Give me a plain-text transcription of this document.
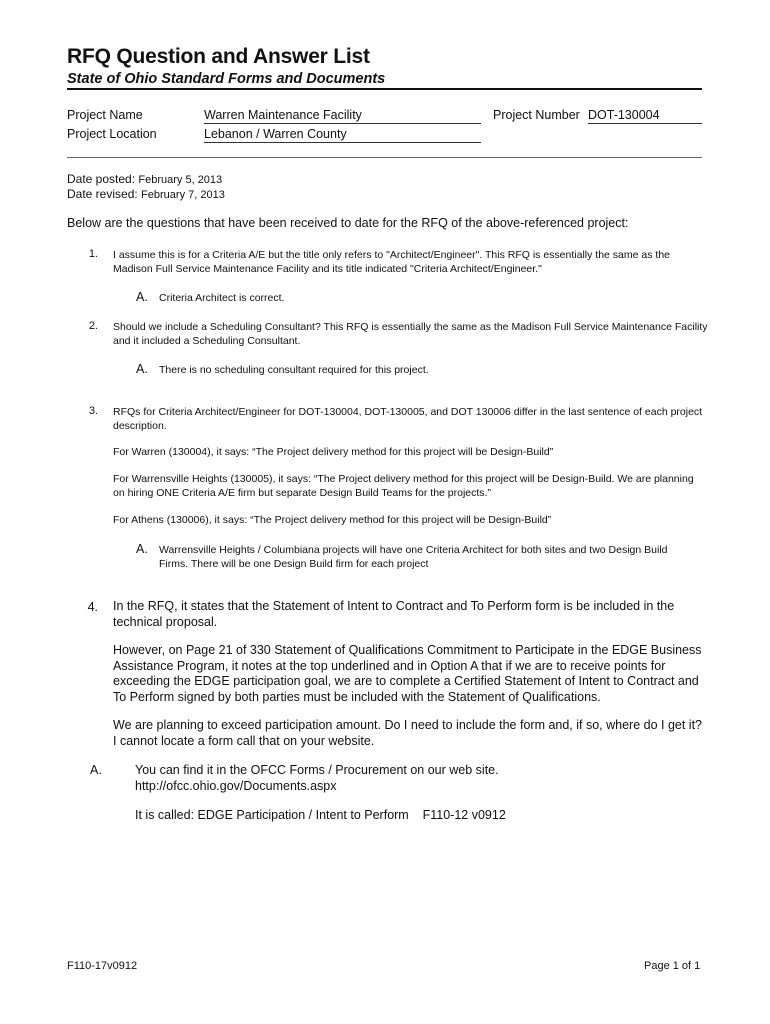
RFQ Question and Answer List
State of Ohio Standard Forms and Documents
Project Name	Warren Maintenance Facility
Project Location	Lebanon / Warren County
Project Number DOT-130004
Date posted: February 5, 2013
Date revised: February 7, 2013
Below are the questions that have been received to date for the RFQ of the above-referenced project:
1. I assume this is for a Criteria A/E but the title only refers to "Architect/Engineer". This RFQ is essentially the same as the Madison Full Service Maintenance Facility and its title indicated "Criteria Architect/Engineer."
A. Criteria Architect is correct.
2. Should we include a Scheduling Consultant? This RFQ is essentially the same as the Madison Full Service Maintenance Facility and it included a Scheduling Consultant.
A. There is no scheduling consultant required for this project.
3. RFQs for Criteria Architect/Engineer for DOT-130004, DOT-130005, and DOT 130006 differ in the last sentence of each project description.
For Warren (130004), it says: “The Project delivery method for this project will be Design-Build”
For Warrensville Heights (130005), it says: “The Project delivery method for this project will be Design-Build. We are planning on hiring ONE Criteria A/E firm but separate Design Build Teams for the projects.”
For Athens (130006), it says: “The Project delivery method for this project will be Design-Build”
A. Warrensville Heights / Columbiana projects will have one Criteria Architect for both sites and two Design Build Firms. There will be one Design Build firm for each project
4. In the RFQ, it states that the Statement of Intent to Contract and To Perform form is be included in the technical proposal.
However, on Page 21 of 330 Statement of Qualifications Commitment to Participate in the EDGE Business Assistance Program, it notes at the top underlined and in Option A that if we are to receive points for exceeding the EDGE participation goal, we are to complete a Certified Statement of Intent to Contract and To Perform signed by both parties must be included with the Statement of Qualifications.
We are planning to exceed participation amount. Do I need to include the form and, if so, where do I get it? I cannot locate a form call that on your website.
A.	You can find it in the OFCC Forms / Procurement on our web site.
http://ofcc.ohio.gov/Documents.aspx
It is called: EDGE Participation / Intent to Perform    F110-12 v0912
F110-17v0912	Page 1 of 1
